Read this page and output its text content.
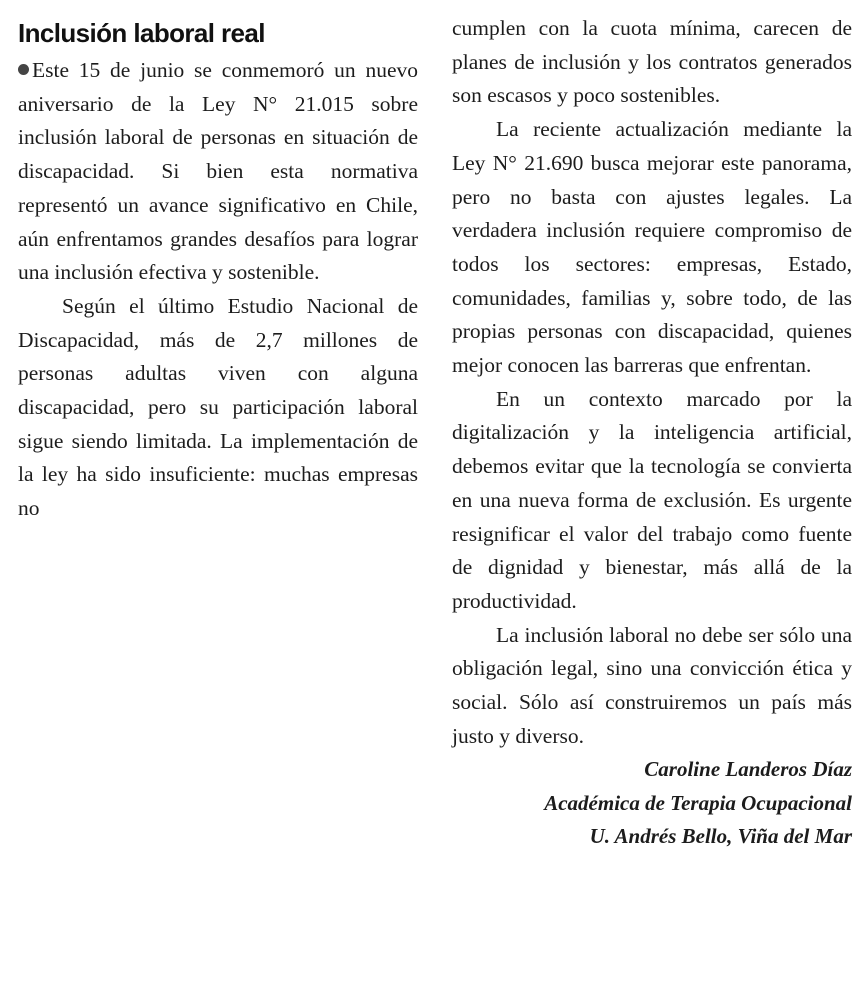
Inclusión laboral real

Este 15 de junio se conmemoró un nuevo aniversario de la Ley N° 21.015 sobre inclusión laboral de personas en situación de discapacidad. Si bien esta normativa representó un avance significativo en Chile, aún enfrentamos grandes desafíos para lograr una inclusión efectiva y sostenible.

Según el último Estudio Nacional de Discapacidad, más de 2,7 millones de personas adultas viven con alguna discapacidad, pero su participación laboral sigue siendo limitada. La implementación de la ley ha sido insuficiente: muchas empresas no

cumplen con la cuota mínima, carecen de planes de inclusión y los contratos generados son escasos y poco sostenibles.

La reciente actualización mediante la Ley N° 21.690 busca mejorar este panorama, pero no basta con ajustes legales. La verdadera inclusión requiere compromiso de todos los sectores: empresas, Estado, comunidades, familias y, sobre todo, de las propias personas con discapacidad, quienes mejor conocen las barreras que enfrentan.

En un contexto marcado por la digitalización y la inteligencia artificial, debemos evitar que la tecnología se convierta en una nueva forma de exclusión. Es urgente resignificar el valor del trabajo como fuente de dignidad y bienestar, más allá de la productividad.

La inclusión laboral no debe ser sólo una obligación legal, sino una convicción ética y social. Sólo así construiremos un país más justo y diverso.

Caroline Landeros Díaz

Académica de Terapia Ocupacional

U. Andrés Bello, Viña del Mar
